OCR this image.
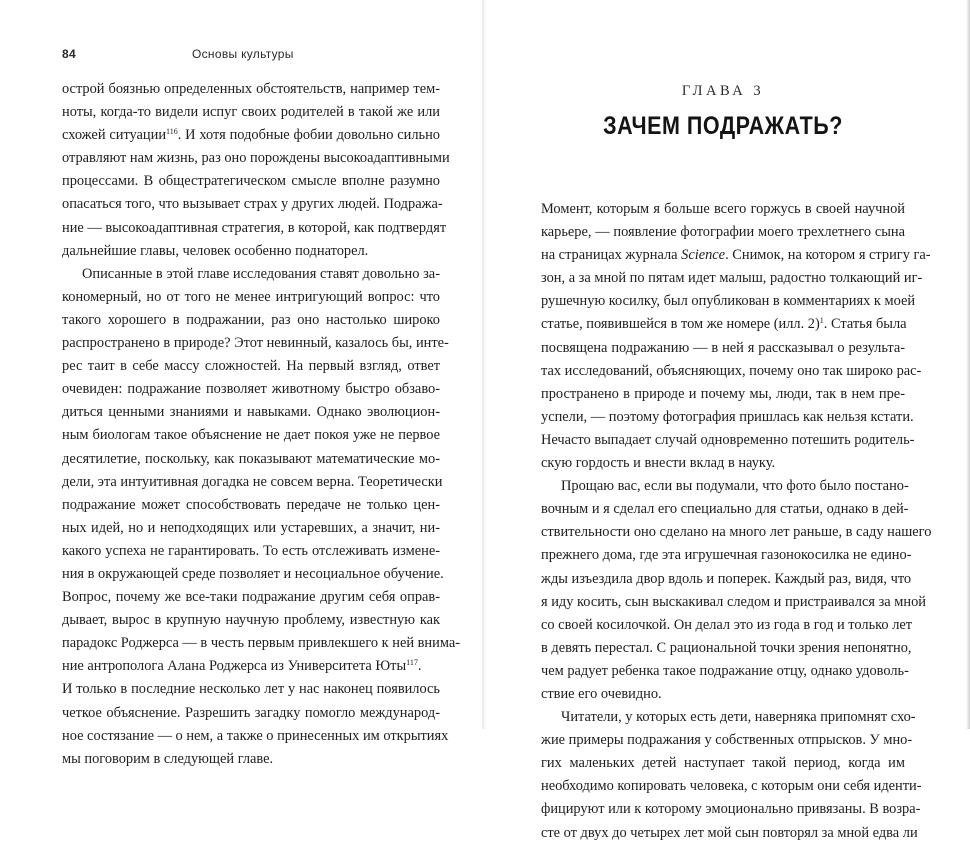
84	Основы культуры
острой боязнью определенных обстоятельств, например тем-
ноты, когда-то видели испуг своих родителей в такой же или
схожей ситуации$^{116}$. И хотя подобные фобии довольно сильно
отравляют нам жизнь, раз оно порождены высокоадаптивными
процессами. В общестратегическом смысле вполне разумно
опасаться того, что вызывает страх у других людей. Подража-
ние — высокоадаптивная стратегия, в которой, как подтвердят
дальнейшие главы, человек особенно поднаторел.
Описанные в этой главе исследования ставят довольно за-
кономерный, но от того не менее интригующий вопрос: что
такого хорошего в подражании, раз оно настолько широко
распространено в природе? Этот невинный, казалось бы, инте-
рес таит в себе массу сложностей. На первый взгляд, ответ
очевиден: подражание позволяет животному быстро обзаво-
диться ценными знаниями и навыками. Однако эволюцион-
ным биологам такое объяснение не дает покоя уже не первое
десятилетие, поскольку, как показывают математические мо-
дели, эта интуитивная догадка не совсем верна. Теоретически
подражание может способствовать передаче не только цен-
ных идей, но и неподходящих или устаревших, а значит, ни-
какого успеха не гарантировать. То есть отслеживать измене-
ния в окружающей среде позволяет и несоциальное обучение.
Вопрос, почему же все-таки подражание другим себя оправ-
дывает, вырос в крупную научную проблему, известную как
парадокс Роджерса — в честь первым привлекшего к ней внима-
ние антрополога Алана Роджерса из Университета Юты$^{117}$.
И только в последние несколько лет у нас наконец появилось
четкое объяснение. Разрешить загадку помогло международ-
ное состязание — о нем, а также о принесенных им открытиях
мы поговорим в следующей главе.
ГЛАВА 3
ЗАЧЕМ ПОДРАЖАТЬ?
Момент, которым я больше всего горжусь в своей научной
карьере, — появление фотографии моего трехлетнего сына
на страницах журнала Science. Снимок, на котором я стригу га-
зон, а за мной по пятам идет малыш, радостно толкающий иг-
рушечную косилку, был опубликован в комментариях к моей
статье, появившейся в том же номере (илл. 2)$^1$. Статья была
посвящена подражанию — в ней я рассказывал о результа-
тах исследований, объясняющих, почему оно так широко рас-
пространено в природе и почему мы, люди, так в нем пре-
успели, — поэтому фотография пришлась как нельзя кстати.
Нечасто выпадает случай одновременно потешить родитель-
скую гордость и внести вклад в науку.
Прощаю вас, если вы подумали, что фото было постано-
вочным и я сделал его специально для статьи, однако в дей-
ствительности оно сделано на много лет раньше, в саду нашего
прежнего дома, где эта игрушечная газонокосилка не едино-
жды изъездила двор вдоль и поперек. Каждый раз, видя, что
я иду косить, сын выскакивал следом и пристраивался за мной
со своей косилочкой. Он делал это из года в год и только лет
в девять перестал. С рациональной точки зрения непонятно,
чем радует ребенка такое подражание отцу, однако удоволь-
ствие его очевидно.
Читатели, у которых есть дети, наверняка припомнят схо-
жие примеры подражания у собственных отпрысков. У мно-
гих маленьких детей наступает такой период, когда им
необходимо копировать человека, с которым они себя иденти-
фицируют или к которому эмоционально привязаны. В возра-
сте от двух до четырех лет мой сын повторял за мной едва ли
